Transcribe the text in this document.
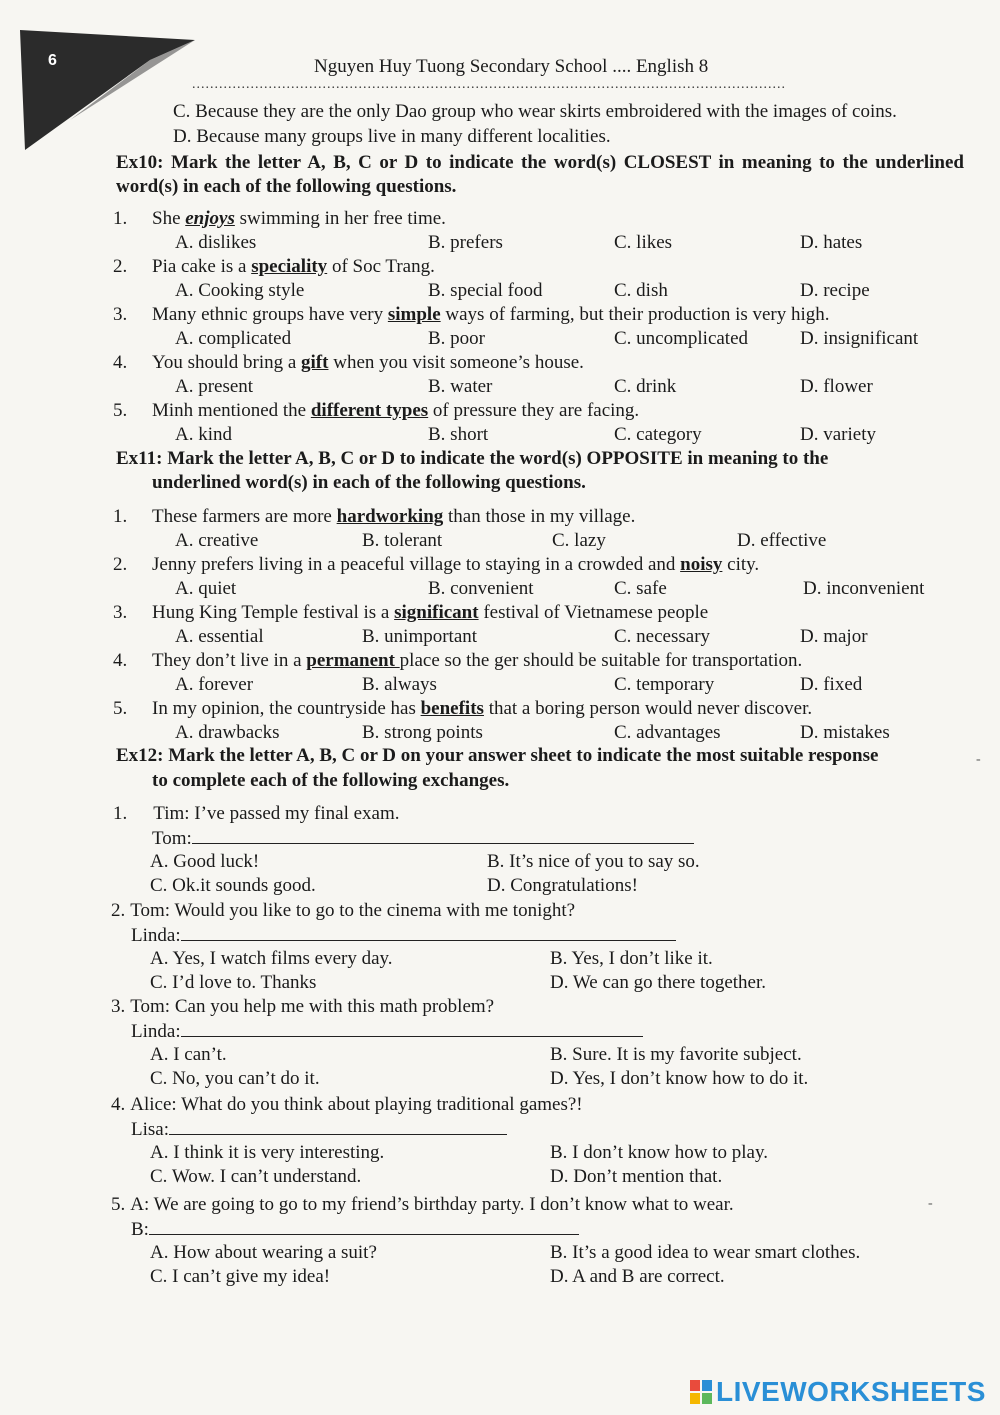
6	Nguyen Huy Tuong Secondary School .... English 8
....................................................................................................................................
C. Because they are the only Dao group who wear skirts embroidered with the images of coins.
D. Because many groups live in many different localities.
Ex10: Mark the letter A, B, C or D to indicate the word(s) CLOSEST in meaning to the underlined word(s) in each of the following questions.
1. She enjoys swimming in her free time.
A. dislikes	B. prefers	C. likes	D. hates
2. Pia cake is a speciality of Soc Trang.
A. Cooking style	B. special food	C. dish	D. recipe
3. Many ethnic groups have very simple ways of farming, but their production is very high.
A. complicated	B. poor	C. uncomplicated	D. insignificant
4. You should bring a gift when you visit someone’s house.
A. present	B. water	C. drink	D. flower
5. Minh mentioned the different types of pressure they are facing.
A. kind	B. short	C. category	D. variety
Ex11: Mark the letter A, B, C or D to indicate the word(s) OPPOSITE in meaning to the
underlined word(s) in each of the following questions.
1. These farmers are more hardworking than those in my village.
A. creative	B. tolerant	C. lazy	D. effective
2. Jenny prefers living in a peaceful village to staying in a crowded and noisy city.
A. quiet	B. convenient	C. safe	D. inconvenient
3. Hung King Temple festival is a significant festival of Vietnamese people
A. essential	B. unimportant	C. necessary	D. major
4. They don’t live in a permanent place so the ger should be suitable for transportation.
A. forever	B. always	C. temporary	D. fixed
5. In my opinion, the countryside has benefits that a boring person would never discover.
A. drawbacks	B. strong points	C. advantages	D. mistakes
Ex12: Mark the letter A, B, C or D on your answer sheet to indicate the most suitable response
to complete each of the following exchanges.
1. Tim: I’ve passed my final exam.
Tom:
A. Good luck!	B. It’s nice of you to say so.
C. Ok.it sounds good.	D. Congratulations!
2. Tom: Would you like to go to the cinema with me tonight?
Linda:
A. Yes, I watch films every day.	B. Yes, I don’t like it.
C. I’d love to. Thanks	D. We can go there together.
3. Tom: Can you help me with this math problem?
Linda:
A. I can’t.	B. Sure. It is my favorite subject.
C. No, you can’t do it.	D. Yes, I don’t know how to do it.
4. Alice: What do you think about playing traditional games?!
Lisa:
A. I think it is very interesting.	B. I don’t know how to play.
C. Wow. I can’t understand.	D. Don’t mention that.
5. A: We are going to go to my friend’s birthday party. I don’t know what to wear.
B:
A. How about wearing a suit?	B. It’s a good idea to wear smart clothes.
C. I can’t give my idea!	D. A and B are correct.
-
-
LIVEWORKSHEETS
